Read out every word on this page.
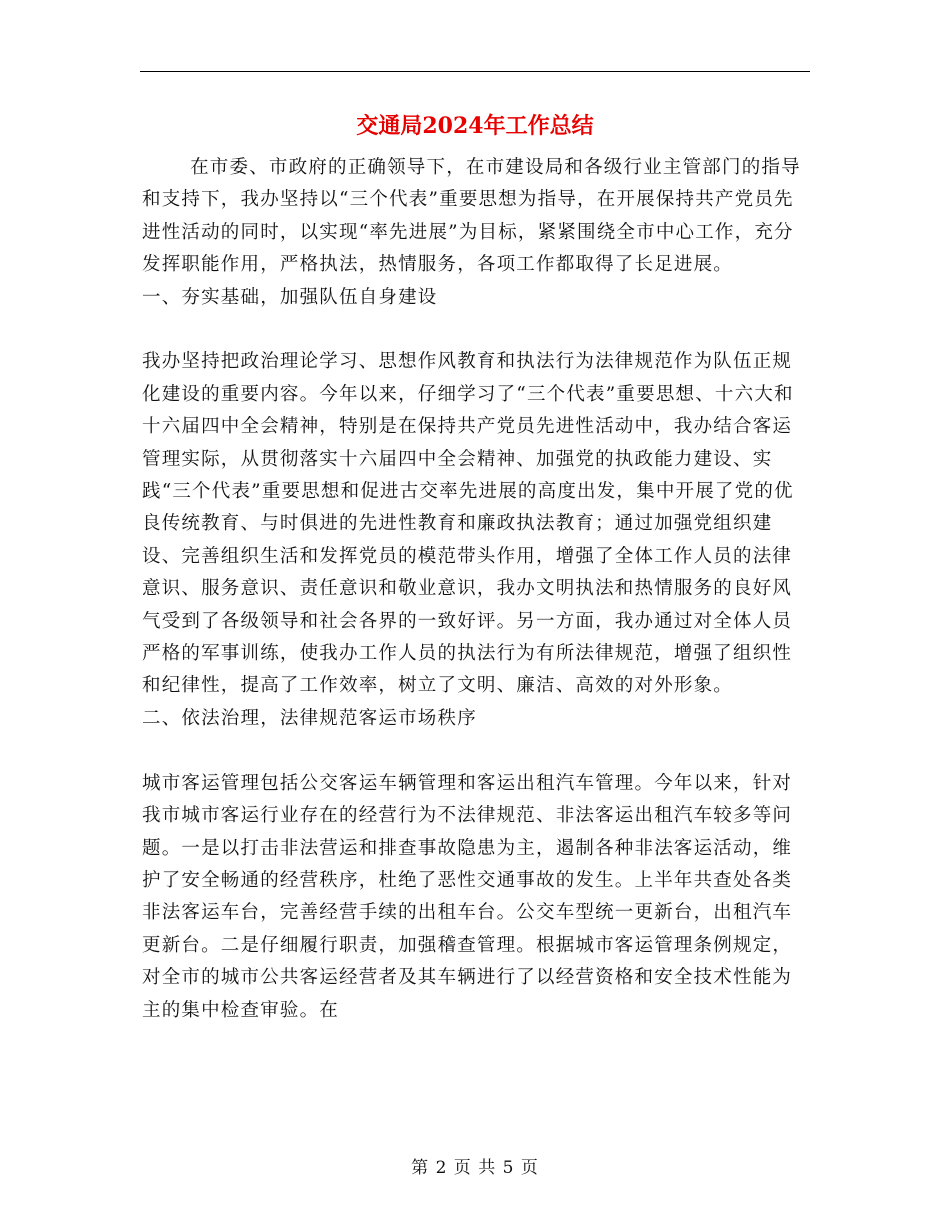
交通局2024年工作总结

在市委、市政府的正确领导下，在市建设局和各级行业主管部门的指导和支持下，我办坚持以“三个代表”重要思想为指导，在开展保持共产党员先进性活动的同时，以实现“率先进展”为目标，紧紧围绕全市中心工作，充分发挥职能作用，严格执法，热情服务，各项工作都取得了长足进展。

一、夯实基础，加强队伍自身建设

我办坚持把政治理论学习、思想作风教育和执法行为法律规范作为队伍正规化建设的重要内容。今年以来，仔细学习了“三个代表”重要思想、十六大和十六届四中全会精神，特别是在保持共产党员先进性活动中，我办结合客运管理实际，从贯彻落实十六届四中全会精神、加强党的执政能力建设、实践“三个代表”重要思想和促进古交率先进展的高度出发，集中开展了党的优良传统教育、与时俱进的先进性教育和廉政执法教育；通过加强党组织建设、完善组织生活和发挥党员的模范带头作用，增强了全体工作人员的法律意识、服务意识、责任意识和敬业意识，我办文明执法和热情服务的良好风气受到了各级领导和社会各界的一致好评。另一方面，我办通过对全体人员严格的军事训练，使我办工作人员的执法行为有所法律规范，增强了组织性和纪律性，提高了工作效率，树立了文明、廉洁、高效的对外形象。

二、依法治理，法律规范客运市场秩序

城市客运管理包括公交客运车辆管理和客运出租汽车管理。今年以来，针对我市城市客运行业存在的经营行为不法律规范、非法客运出租汽车较多等问题。一是以打击非法营运和排查事故隐患为主，遏制各种非法客运活动，维护了安全畅通的经营秩序，杜绝了恶性交通事故的发生。上半年共查处各类非法客运车台，完善经营手续的出租车台。公交车型统一更新台，出租汽车更新台。二是仔细履行职责，加强稽查管理。根据城市客运管理条例规定，对全市的城市公共客运经营者及其车辆进行了以经营资格和安全技术性能为主的集中检查审验。在

第 2 页 共 5 页
